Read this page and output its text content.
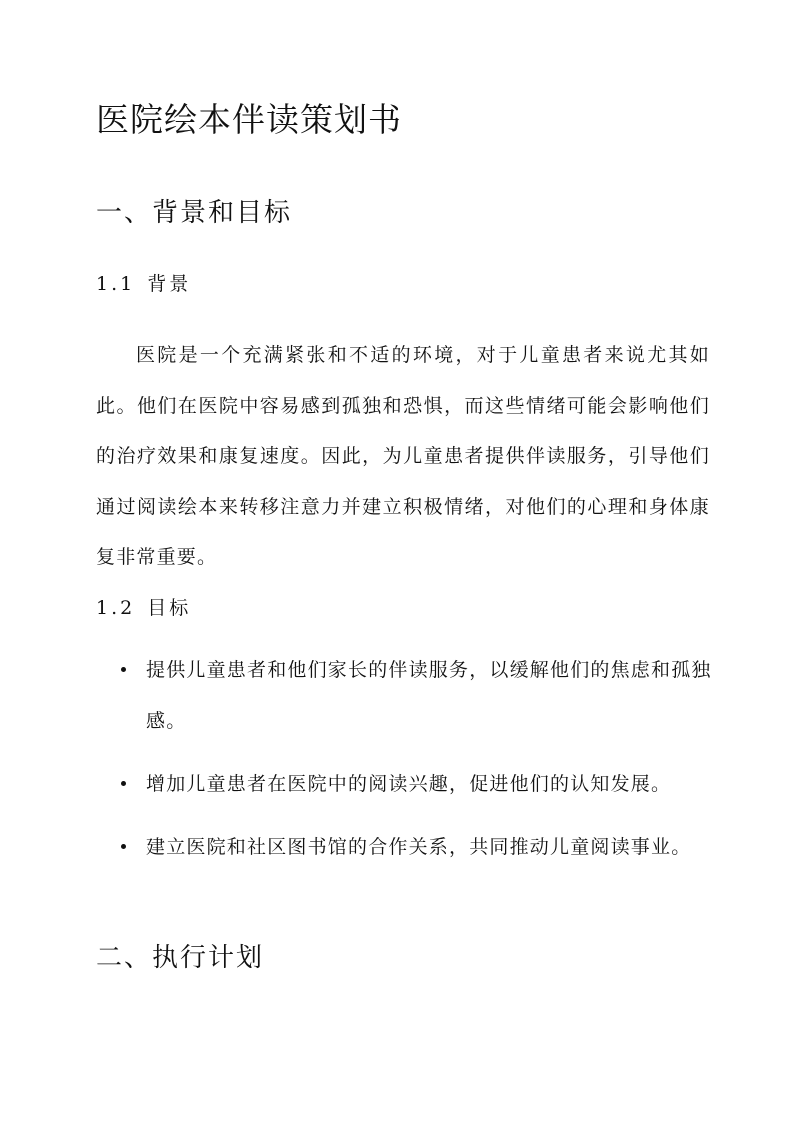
医院绘本伴读策划书
一、背景和目标
1.1 背景

医院是一个充满紧张和不适的环境，对于儿童患者来说尤其如此。他们在医院中容易感到孤独和恐惧，而这些情绪可能会影响他们的治疗效果和康复速度。因此，为儿童患者提供伴读服务，引导他们通过阅读绘本来转移注意力并建立积极情绪，对他们的心理和身体康复非常重要。

1.2 目标
提供儿童患者和他们家长的伴读服务，以缓解他们的焦虑和孤独感。
增加儿童患者在医院中的阅读兴趣，促进他们的认知发展。
建立医院和社区图书馆的合作关系，共同推动儿童阅读事业。
二、执行计划
